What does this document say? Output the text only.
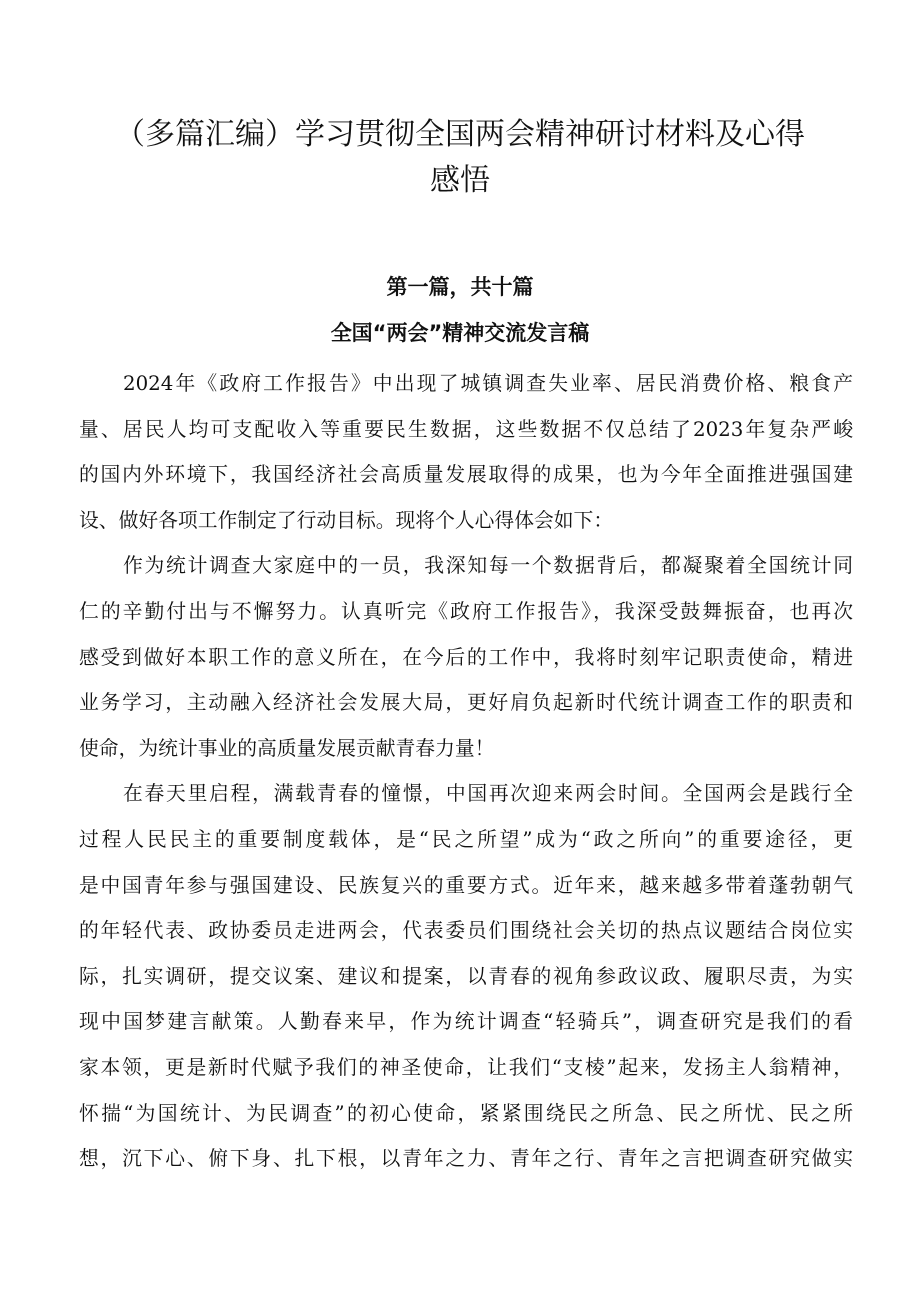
（多篇汇编）学习贯彻全国两会精神研讨材料及心得
感悟
第一篇，共十篇
全国“两会”精神交流发言稿
2024年《政府工作报告》中出现了城镇调查失业率、居民消费价格、粮食产
量、居民人均可支配收入等重要民生数据，这些数据不仅总结了2023年复杂严峻
的国内外环境下，我国经济社会高质量发展取得的成果，也为今年全面推进强国建
设、做好各项工作制定了行动目标。现将个人心得体会如下：
作为统计调查大家庭中的一员，我深知每一个数据背后，都凝聚着全国统计同
仁的辛勤付出与不懈努力。认真听完《政府工作报告》，我深受鼓舞振奋，也再次
感受到做好本职工作的意义所在，在今后的工作中，我将时刻牢记职责使命，精进
业务学习，主动融入经济社会发展大局，更好肩负起新时代统计调查工作的职责和
使命，为统计事业的高质量发展贡献青春力量！
在春天里启程，满载青春的憧憬，中国再次迎来两会时间。全国两会是践行全
过程人民民主的重要制度载体，是“民之所望”成为“政之所向”的重要途径，更
是中国青年参与强国建设、民族复兴的重要方式。近年来，越来越多带着蓬勃朝气
的年轻代表、政协委员走进两会，代表委员们围绕社会关切的热点议题结合岗位实
际，扎实调研，提交议案、建议和提案，以青春的视角参政议政、履职尽责，为实
现中国梦建言献策。人勤春来早，作为统计调查“轻骑兵”，调查研究是我们的看
家本领，更是新时代赋予我们的神圣使命，让我们“支棱”起来，发扬主人翁精神，
怀揣“为国统计、为民调查”的初心使命，紧紧围绕民之所急、民之所忧、民之所
想，沉下心、俯下身、扎下根，以青年之力、青年之行、青年之言把调查研究做实
